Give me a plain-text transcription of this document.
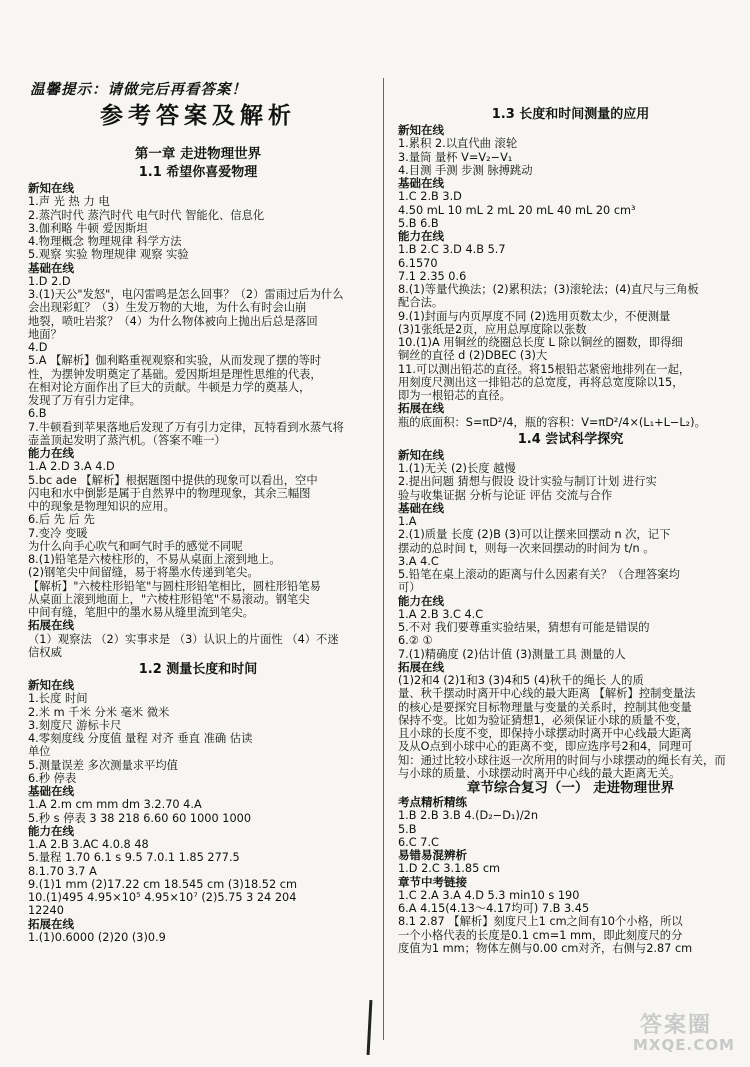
温馨提示：请做完后再看答案！
参考答案及解析
第一章 走进物理世界
1.1 希望你喜爱物理
新知在线
1.声 光 热 力 电
2.蒸汽时代 蒸汽时代 电气时代 智能化、信息化
3.伽利略 牛顿 爱因斯坦
4.物理概念 物理规律 科学方法
5.观察 实验 物理规律 观察 实验
基础在线
1.D 2.D
3.(1)天公"发怒"，电闪雷鸣是怎么回事？（2）雷雨过后为什么
会出现彩虹？（3）生发万物的大地，为什么有时会山崩
地裂，喷吐岩浆？（4）为什么物体被向上抛出后总是落回
地面？
4.D
5.A 【解析】伽利略重视观察和实验，从而发现了摆的等时
性，为摆钟发明奠定了基础。爱因斯坦是理性思维的代表，
在相对论方面作出了巨大的贡献。牛顿是力学的奠基人，
发现了万有引力定律。
6.B
7.牛顿看到苹果落地后发现了万有引力定律，瓦特看到水蒸气将
壶盖顶起发明了蒸汽机。（答案不唯一）
能力在线
1.A 2.D 3.A 4.D
5.bc ade 【解析】根据题图中提供的现象可以看出，空中
闪电和水中倒影是属于自然界中的物理现象，其余三幅图
中的现象是物理知识的应用。
6.后 先 后 先
7.变冷 变暖
为什么向手心吹气和呵气时手的感觉不同呢
8.(1)铅笔是六棱柱形的，不易从桌面上滚到地上。
(2)钢笔尖中间留缝，易于将墨水传递到笔尖。
【解析】"六棱柱形铅笔"与圆柱形铅笔相比，圆柱形铅笔易
从桌面上滚到地面上，"六棱柱形铅笔"不易滚动。钢笔尖
中间有缝，笔胆中的墨水易从缝里流到笔尖。
拓展在线
（1）观察法 （2）实事求是 （3）认识上的片面性 （4）不迷
信权威
1.2 测量长度和时间
新知在线
1.长度 时间
2.米 m 千米 分米 毫米 微米
3.刻度尺 游标卡尺
4.零刻度线 分度值 量程 对齐 垂直 准确 估读
单位
5.测量误差 多次测量求平均值
6.秒 停表
基础在线
1.A 2.m cm mm dm 3.2.70 4.A
5.秒 s 停表 3 38 218 6.60 60 1000 1000
能力在线
1.A 2.B 3.AC 4.0.8 48
5.量程 1.70 6.1 s 9.5 7.0.1 1.85 277.5
8.1.70 3.7 A
9.(1)1 mm (2)17.22 cm 18.545 cm (3)18.52 cm
10.(1)495 4.95×10⁵ 4.95×10⁷ (2)5.75 3 24 204
12240
拓展在线
1.(1)0.6000 (2)20 (3)0.9
1.3 长度和时间测量的应用
新知在线
1.累积 2.以直代曲 滚轮
3.量筒 量杯 V=V₂−V₁
4.目测 手测 步测 脉搏跳动
基础在线
1.C 2.B 3.D
4.50 mL 10 mL 2 mL 20 mL 40 mL 20 cm³
5.B 6.B
能力在线
1.B 2.C 3.D 4.B 5.7
6.1570
7.1 2.35 0.6
8.(1)等量代换法；(2)累积法；(3)滚轮法；(4)直尺与三角板
配合法。
9.(1)封面与内页厚度不同 (2)选用页数太少，不便测量
(3)1张纸是2页，应用总厚度除以张数
10.(1)A 用铜丝的绕圈总长度 L 除以铜丝的圈数，即得细
铜丝的直径 d (2)DBEC (3)大
11.可以测出铅芯的直径。将15根铅芯紧密地排列在一起，
用刻度尺测出这一排铅芯的总宽度，再将总宽度除以15，
即为一根铅芯的直径。
拓展在线
瓶的底面积：S=πD²/4，瓶的容积：V=πD²/4×(L₁+L−L₂)。
1.4 尝试科学探究
新知在线
1.(1)无关 (2)长度 越慢
2.提出问题 猜想与假设 设计实验与制订计划 进行实
验与收集证据 分析与论证 评估 交流与合作
基础在线
1.A
2.(1)质量 长度 (2)B (3)可以让摆来回摆动 n 次，记下
摆动的总时间 t，则每一次来回摆动的时间为 t/n 。
3.A 4.C
5.铅笔在桌上滚动的距离与什么因素有关？（合理答案均
可）
能力在线
1.A 2.B 3.C 4.C
5.不对 我们要尊重实验结果，猜想有可能是错误的
6.② ①
7.(1)精确度 (2)估计值 (3)测量工具 测量的人
拓展在线
(1)2和4 (2)1和3 (3)4和5 (4)秋千的绳长 人的质
量、秋千摆动时离开中心线的最大距离 【解析】控制变量法
的核心是要探究目标物理量与变量的关系时，控制其他变量
保持不变。比如为验证猜想1，必须保证小球的质量不变，
且小球的长度不变，即保持小球摆动时离开中心线最大距离
及从O点到小球中心的距离不变，即应选序号2和4，同理可
知：通过比较小球往返一次所用的时间与小球摆动的绳长有关，而
与小球的质量、小球摆动时离开中心线的最大距离无关。
章节综合复习（一） 走进物理世界
考点精析精练
1.B 2.B 3.B 4.(D₂−D₁)/2n
5.B
6.C 7.C
易错易混辨析
1.D 2.C 3.1.85 cm
章节中考链接
1.C 2.A 3.A 4.D 5.3 min10 s 190
6.A 4.15(4.13～4.17均可) 7.B 3.45
8.1 2.87 【解析】刻度尺上1 cm之间有10个小格，所以
一个小格代表的长度是0.1 cm=1 mm，即此刻度尺的分
度值为1 mm；物体左侧与0.00 cm对齐，右侧与2.87 cm
答案圈
MXQE.COM
